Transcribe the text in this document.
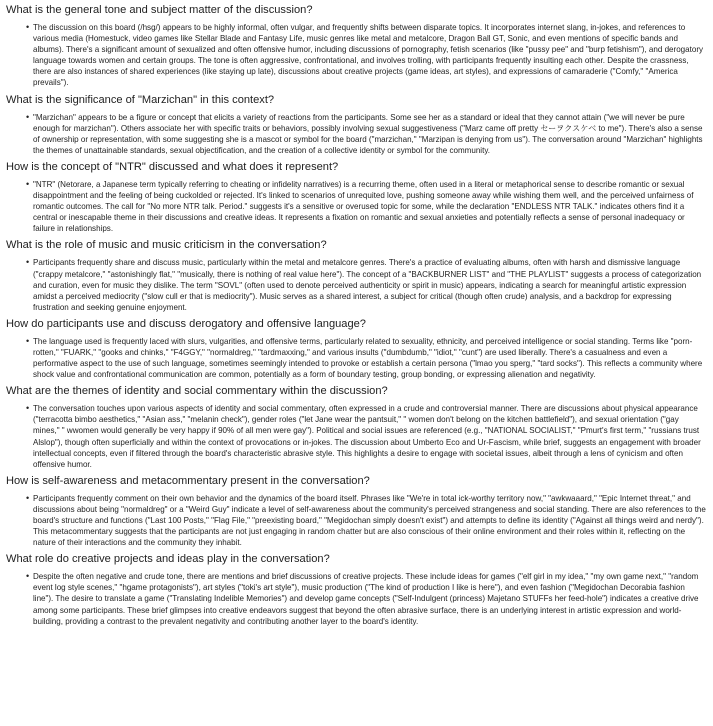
What is the general tone and subject matter of the discussion?
• The discussion on this board (/hsg/) appears to be highly informal, often vulgar, and frequently shifts between disparate topics. It incorporates internet slang, in-jokes, and references to various media (Homestuck, video games like Stellar Blade and Fantasy Life, music genres like metal and metalcore, Dragon Ball GT, Sonic, and even mentions of specific bands and albums). There's a significant amount of sexualized and often offensive humor, including discussions of pornography, fetish scenarios (like "pussy pee" and "burp fetishism"), and derogatory language towards women and certain groups. The tone is often aggressive, confrontational, and involves trolling, with participants frequently insulting each other. Despite the crassness, there are also instances of shared experiences (like staying up late), discussions about creative projects (game ideas, art styles), and expressions of camaraderie ("Comfy," "America prevails").
What is the significance of "Marzichan" in this context?
• "Marzichan" appears to be a figure or concept that elicits a variety of reactions from the participants. Some see her as a standard or ideal that they cannot attain ("we will never be pure enough for marzichan"). Others associate her with specific traits or behaviors, possibly involving sexual suggestiveness ("Marz came off pretty セーヲクスケベ to me"). There's also a sense of ownership or representation, with some suggesting she is a mascot or symbol for the board ("marzichan," "Marzipan is denying from us"). The conversation around "Marzichan" highlights the themes of unattainable standards, sexual objectification, and the creation of a collective identity or symbol for the community.
How is the concept of "NTR" discussed and what does it represent?
• "NTR" (Netorare, a Japanese term typically referring to cheating or infidelity narratives) is a recurring theme, often used in a literal or metaphorical sense to describe romantic or sexual disappointment and the feeling of being cuckolded or rejected. It's linked to scenarios of unrequited love, pushing someone away while wishing them well, and the perceived unfairness of romantic outcomes. The call for "No more NTR talk. Period." suggests it's a sensitive or overused topic for some, while the declaration "ENDLESS NTR TALK." indicates others find it a central or inescapable theme in their discussions and creative ideas. It represents a fixation on romantic and sexual anxieties and potentially reflects a sense of personal inadequacy or failure in relationships.
What is the role of music and music criticism in the conversation?
• Participants frequently share and discuss music, particularly within the metal and metalcore genres. There's a practice of evaluating albums, often with harsh and dismissive language ("crappy metalcore," "astonishingly flat," "musically, there is nothing of real value here"). The concept of a "BACKBURNER LIST" and "THE PLAYLIST" suggests a process of categorization and curation, even for music they dislike. The term "SOVL" (often used to denote perceived authenticity or spirit in music) appears, indicating a search for meaningful artistic expression amidst a perceived mediocrity ("slow cull er that is mediocrity"). Music serves as a shared interest, a subject for critical (though often crude) analysis, and a backdrop for expressing frustration and seeking genuine enjoyment.
How do participants use and discuss derogatory and offensive language?
• The language used is frequently laced with slurs, vulgarities, and offensive terms, particularly related to sexuality, ethnicity, and perceived intelligence or social standing. Terms like "porn-rotten," "FUARK," "gooks and chinks," "F4GGY," "normaldreg," "tardmaxxing," and various insults ("dumbdumb," "idiot," "cunt") are used liberally. There's a casualness and even a performative aspect to the use of such language, sometimes seemingly intended to provoke or establish a certain persona ("lmao you sperg," "tard socks"). This reflects a community where shock value and confrontational communication are common, potentially as a form of boundary testing, group bonding, or expressing alienation and negativity.
What are the themes of identity and social commentary within the discussion?
• The conversation touches upon various aspects of identity and social commentary, often expressed in a crude and controversial manner. There are discussions about physical appearance ("terracotta bimbo aesthetics," "Asian ass," "melanin check"), gender roles ("let Jane wear the pantsuit," " women don't belong on the kitchen battlefield"), and sexual orientation ("gay mines," " wwomen would generally be very happy if 90% of all men were gay"). Political and social issues are referenced (e.g., "NATIONAL SOCIALIST," "Pmurt's first term," "russians trust Alslop"), though often superficially and within the context of provocations or in-jokes. The discussion about Umberto Eco and Ur-Fascism, while brief, suggests an engagement with broader intellectual concepts, even if filtered through the board's characteristic abrasive style. This highlights a desire to engage with societal issues, albeit through a lens of cynicism and often offensive humor.
How is self-awareness and metacommentary present in the conversation?
• Participants frequently comment on their own behavior and the dynamics of the board itself. Phrases like "We're in total ick-worthy territory now," "awkwaaard," "Epic Internet threat," and discussions about being "normaldreg" or a "Weird Guy" indicate a level of self-awareness about the community's perceived strangeness and social standing. There are also references to the board's structure and functions ("Last 100 Posts," "Flag File," "preexisting board," "Megidochan simply doesn't exist") and attempts to define its identity ("Against all things weird and nerdy"). This metacommentary suggests that the participants are not just engaging in random chatter but are also conscious of their online environment and their roles within it, reflecting on the nature of their interactions and the community they inhabit.
What role do creative projects and ideas play in the conversation?
• Despite the often negative and crude tone, there are mentions and brief discussions of creative projects. These include ideas for games ("elf girl in my idea," "my own game next," "random event log style scenes," "hgame protagonists"), art styles ("toki's art style"), music production ("The kind of production I like is here"), and even fashion ("Megidochan Decorabia fashion line"). The desire to translate a game ("Translating Indelible Memories") and develop game concepts ("Self-Indulgent (princess) Majetano STUFFs her feed-hole") indicates a creative drive among some participants. These brief glimpses into creative endeavors suggest that beyond the often abrasive surface, there is an underlying interest in artistic expression and world-building, providing a contrast to the prevalent negativity and contributing another layer to the board's identity.
